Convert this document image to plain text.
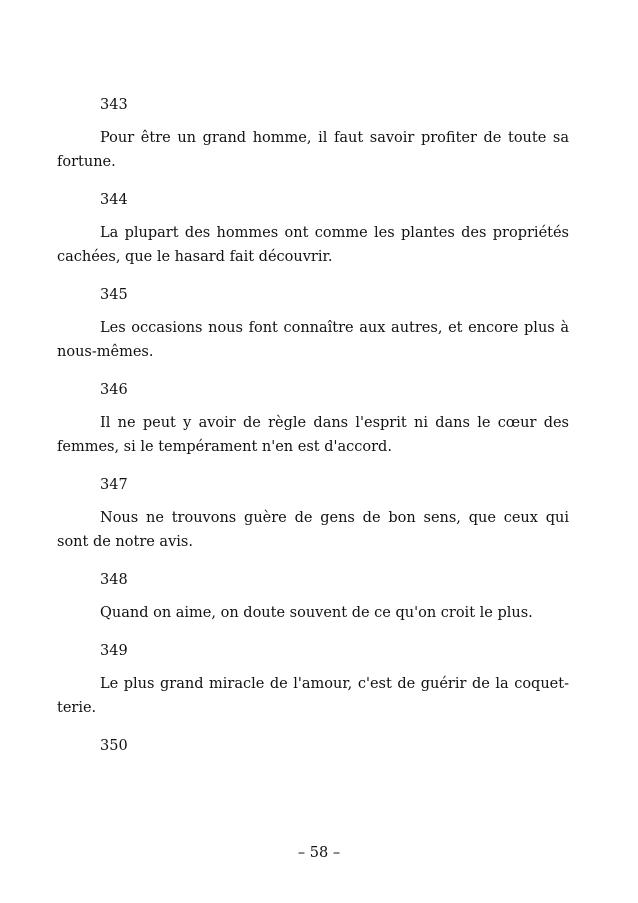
343

Pour être un grand homme, il faut savoir profiter de toute sa fortune.

344

La plupart des hommes ont comme les plantes des propriétés cachées, que le hasard fait découvrir.

345

Les occasions nous font connaître aux autres, et encore plus à nous-mêmes.

346

Il ne peut y avoir de règle dans l'esprit ni dans le cœur des femmes, si le tempérament n'en est d'accord.

347

Nous ne trouvons guère de gens de bon sens, que ceux qui sont de notre avis.

348

Quand on aime, on doute souvent de ce qu'on croit le plus.

349

Le plus grand miracle de l'amour, c'est de guérir de la coquetterie.

350
– 58 –
